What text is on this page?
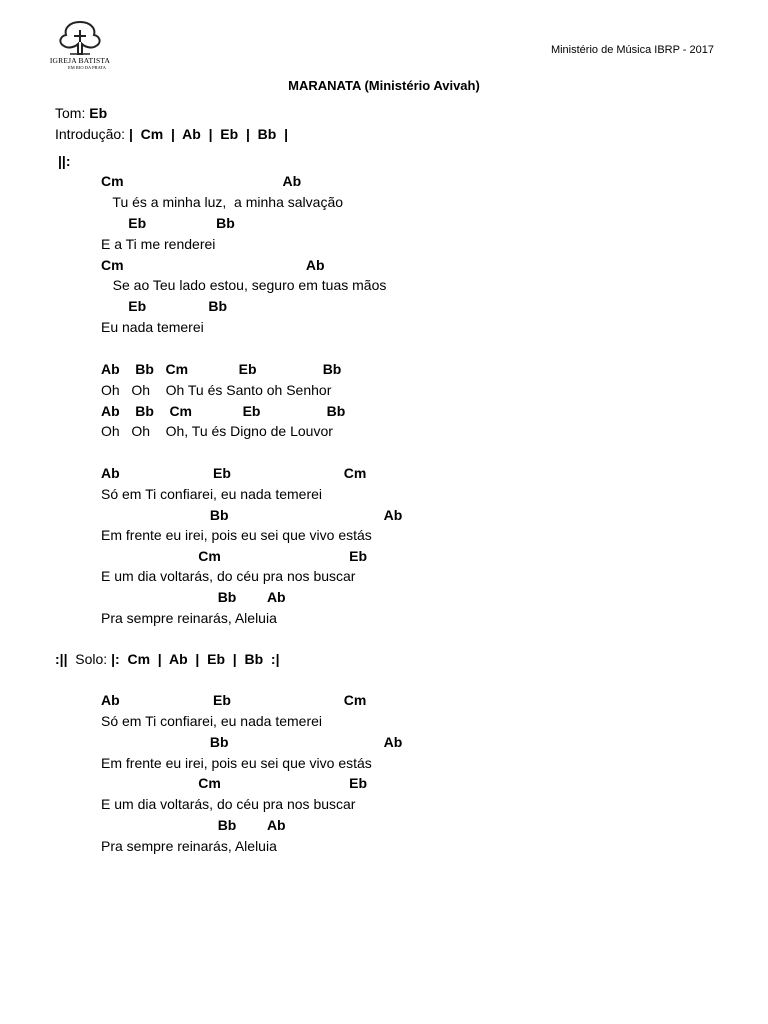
IGREJA BATISTA
EM RIO DA PRATA
Ministério de Música IBRP - 2017
MARANATA (Ministério Avivah)
Tom: Eb
Introdução: |  Cm  |  Ab  |  Eb  |  Bb  |
||:
Cm                                         Ab
Tu és a minha luz,  a minha salvação
Eb                  Bb
E a Ti me renderei
Cm                                               Ab
Se ao Teu lado estou, seguro em tuas mãos
Eb                Bb
Eu nada temerei
Ab    Bb   Cm             Eb                 Bb
Oh   Oh    Oh Tu és Santo oh Senhor
Ab    Bb    Cm             Eb                 Bb
Oh   Oh    Oh, Tu és Digno de Louvor
Ab                        Eb                             Cm
Só em Ti confiarei, eu nada temerei
Bb                                        Ab
Em frente eu irei, pois eu sei que vivo estás
Cm                                 Eb
E um dia voltarás, do céu pra nos buscar
Bb        Ab
Pra sempre reinarás, Aleluia
:||  Solo: |:  Cm  |  Ab  |  Eb  |  Bb  :|
Ab                        Eb                             Cm
Só em Ti confiarei, eu nada temerei
Bb                                        Ab
Em frente eu irei, pois eu sei que vivo estás
Cm                                 Eb
E um dia voltarás, do céu pra nos buscar
Bb        Ab
Pra sempre reinarás, Aleluia
